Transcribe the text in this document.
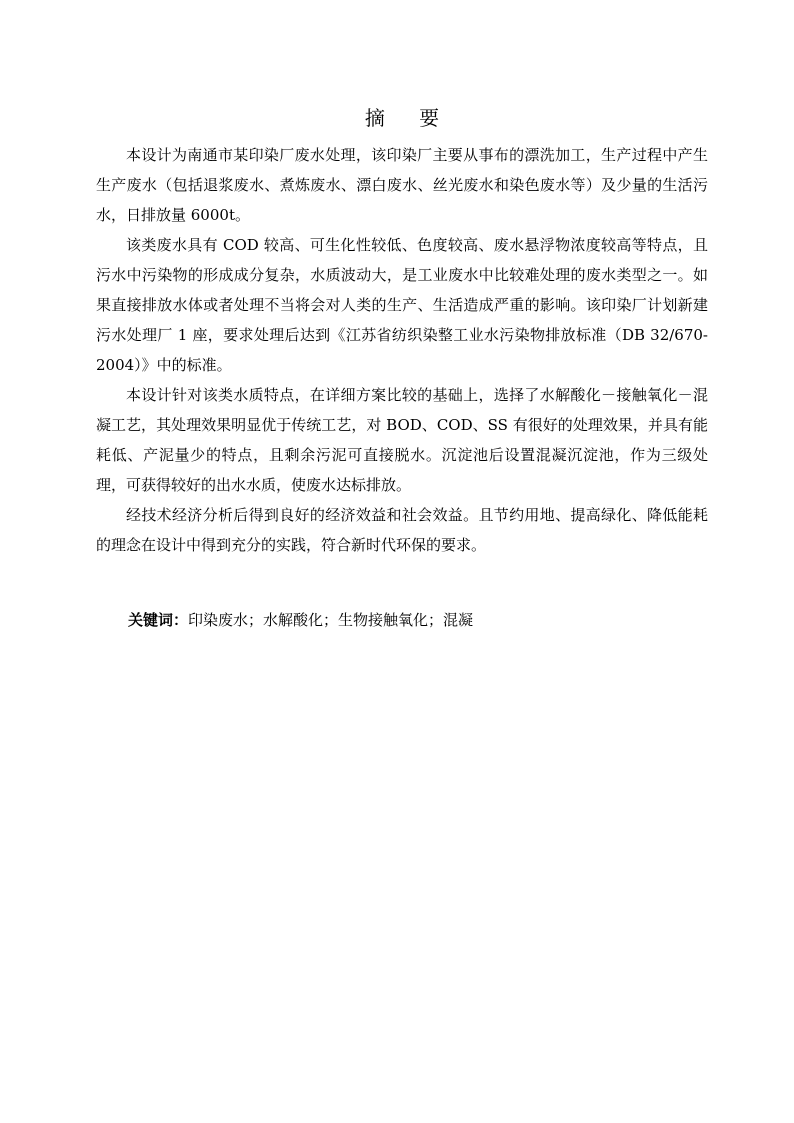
摘 要

本设计为南通市某印染厂废水处理，该印染厂主要从事布的漂洗加工，生产过程中产生生产废水（包括退浆废水、煮炼废水、漂白废水、丝光废水和染色废水等）及少量的生活污水，日排放量 6000t。

该类废水具有 COD 较高、可生化性较低、色度较高、废水悬浮物浓度较高等特点，且污水中污染物的形成成分复杂，水质波动大，是工业废水中比较难处理的废水类型之一。如果直接排放水体或者处理不当将会对人类的生产、生活造成严重的影响。该印染厂计划新建污水处理厂 1 座，要求处理后达到《江苏省纺织染整工业水污染物排放标准（DB 32/670-2004）》中的标准。

本设计针对该类水质特点，在详细方案比较的基础上，选择了水解酸化－接触氧化－混凝工艺，其处理效果明显优于传统工艺，对 BOD、COD、SS 有很好的处理效果，并具有能耗低、产泥量少的特点，且剩余污泥可直接脱水。沉淀池后设置混凝沉淀池，作为三级处理，可获得较好的出水水质，使废水达标排放。

经技术经济分析后得到良好的经济效益和社会效益。且节约用地、提高绿化、降低能耗的理念在设计中得到充分的实践，符合新时代环保的要求。

关键词：印染废水；水解酸化；生物接触氧化；混凝
